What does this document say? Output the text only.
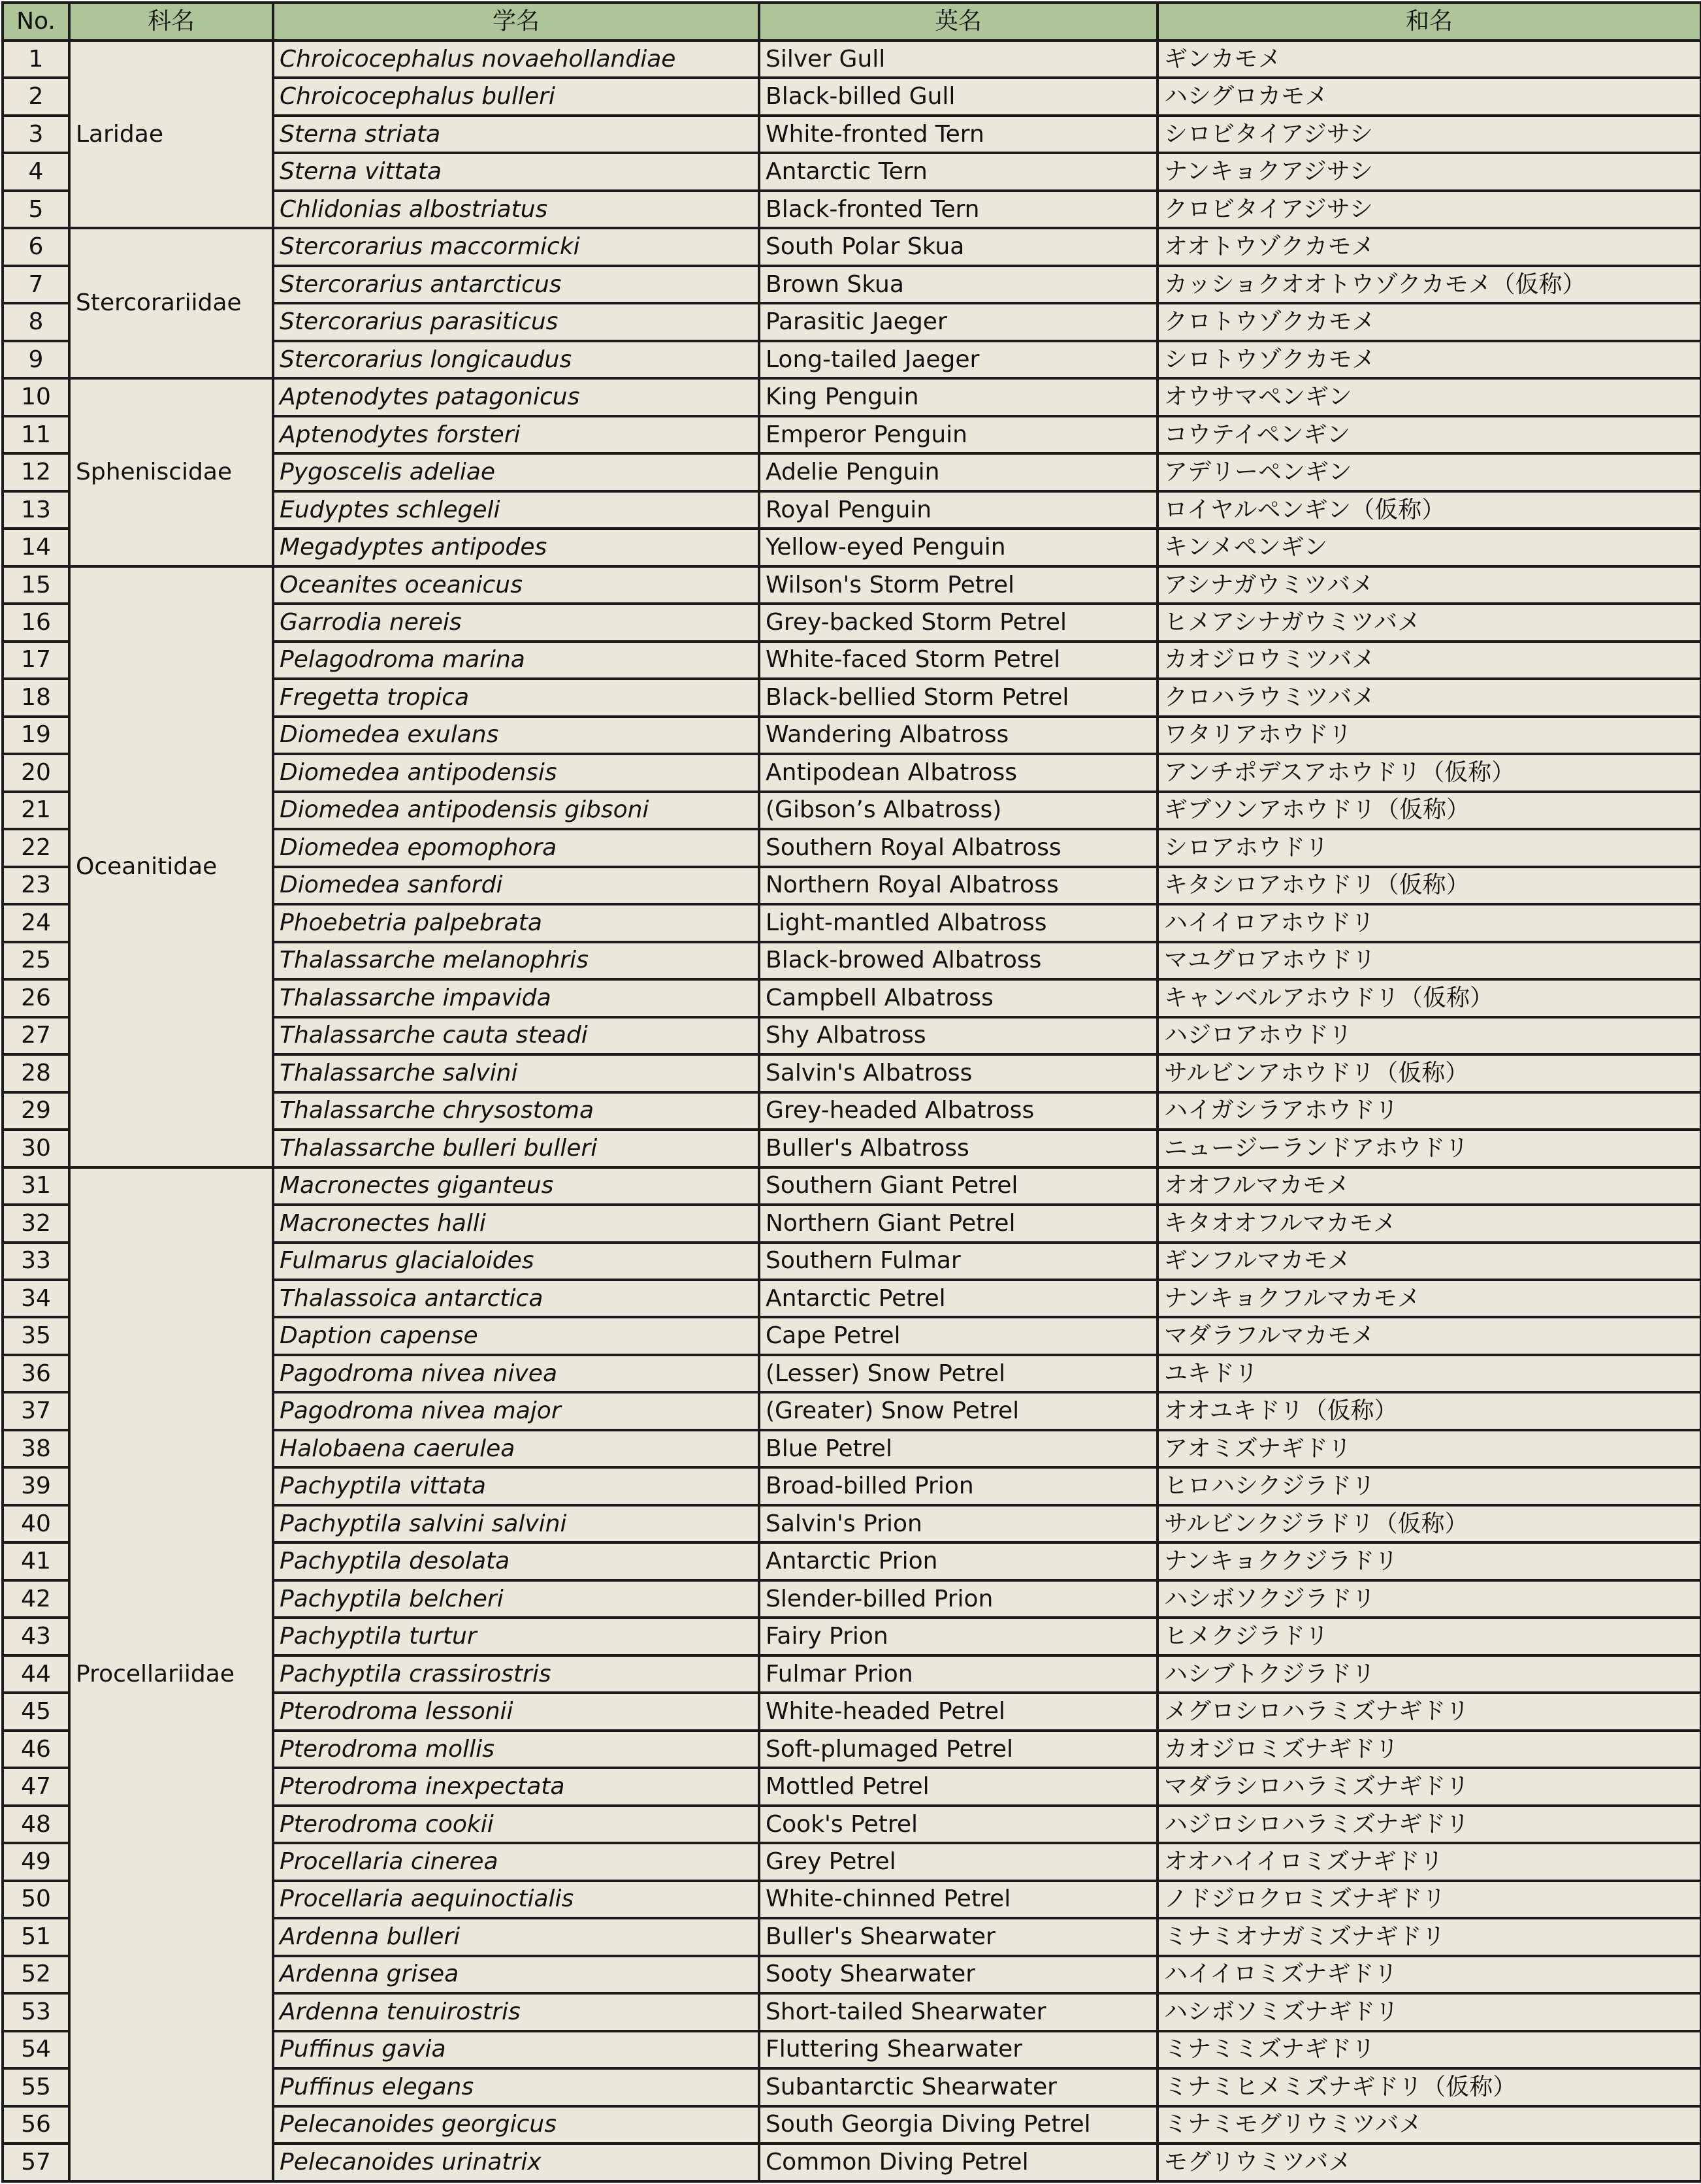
No.	科名	学名	英名	和名
1	Laridae	Chroicocephalus novaehollandiae	Silver Gull	ギンカモメ
2		Chroicocephalus bulleri	Black-billed Gull	ハシグロカモメ
3		Sterna striata	White-fronted Tern	シロビタイアジサシ
4		Sterna vittata	Antarctic Tern	ナンキョクアジサシ
5		Chlidonias albostriatus	Black-fronted Tern	クロビタイアジサシ
6	Stercorariidae	Stercorarius maccormicki	South Polar Skua	オオトウゾクカモメ
7		Stercorarius antarcticus	Brown Skua	カッショクオオトウゾクカモメ（仮称）
8		Stercorarius parasiticus	Parasitic Jaeger	クロトウゾクカモメ
9		Stercorarius longicaudus	Long-tailed Jaeger	シロトウゾクカモメ
10	Spheniscidae	Aptenodytes patagonicus	King Penguin	オウサマペンギン
11		Aptenodytes forsteri	Emperor Penguin	コウテイペンギン
12		Pygoscelis adeliae	Adelie Penguin	アデリーペンギン
13		Eudyptes schlegeli	Royal Penguin	ロイヤルペンギン（仮称）
14		Megadyptes antipodes	Yellow-eyed Penguin	キンメペンギン
15	Oceanitidae	Oceanites oceanicus	Wilson's Storm Petrel	アシナガウミツバメ
16		Garrodia nereis	Grey-backed Storm Petrel	ヒメアシナガウミツバメ
17		Pelagodroma marina	White-faced Storm Petrel	カオジロウミツバメ
18		Fregetta tropica	Black-bellied Storm Petrel	クロハラウミツバメ
19		Diomedea exulans	Wandering Albatross	ワタリアホウドリ
20		Diomedea antipodensis	Antipodean Albatross	アンチポデスアホウドリ（仮称）
21		Diomedea antipodensis gibsoni	(Gibson’s Albatross)	ギブソンアホウドリ（仮称）
22		Diomedea epomophora	Southern Royal Albatross	シロアホウドリ
23		Diomedea sanfordi	Northern Royal Albatross	キタシロアホウドリ（仮称）
24		Phoebetria palpebrata	Light-mantled Albatross	ハイイロアホウドリ
25		Thalassarche melanophris	Black-browed Albatross	マユグロアホウドリ
26		Thalassarche impavida	Campbell Albatross	キャンベルアホウドリ（仮称）
27		Thalassarche cauta steadi	Shy Albatross	ハジロアホウドリ
28		Thalassarche salvini	Salvin's Albatross	サルビンアホウドリ（仮称）
29		Thalassarche chrysostoma	Grey-headed Albatross	ハイガシラアホウドリ
30		Thalassarche bulleri bulleri	Buller's Albatross	ニュージーランドアホウドリ
31	Procellariidae	Macronectes giganteus	Southern Giant Petrel	オオフルマカモメ
32		Macronectes halli	Northern Giant Petrel	キタオオフルマカモメ
33		Fulmarus glacialoides	Southern Fulmar	ギンフルマカモメ
34		Thalassoica antarctica	Antarctic Petrel	ナンキョクフルマカモメ
35		Daption capense	Cape Petrel	マダラフルマカモメ
36		Pagodroma nivea nivea	(Lesser) Snow Petrel	ユキドリ
37		Pagodroma nivea major	(Greater) Snow Petrel	オオユキドリ（仮称）
38		Halobaena caerulea	Blue Petrel	アオミズナギドリ
39		Pachyptila vittata	Broad-billed Prion	ヒロハシクジラドリ
40		Pachyptila salvini salvini	Salvin's Prion	サルビンクジラドリ（仮称）
41		Pachyptila desolata	Antarctic Prion	ナンキョククジラドリ
42		Pachyptila belcheri	Slender-billed Prion	ハシボソクジラドリ
43		Pachyptila turtur	Fairy Prion	ヒメクジラドリ
44		Pachyptila crassirostris	Fulmar Prion	ハシブトクジラドリ
45		Pterodroma lessonii	White-headed Petrel	メグロシロハラミズナギドリ
46		Pterodroma mollis	Soft-plumaged Petrel	カオジロミズナギドリ
47		Pterodroma inexpectata	Mottled Petrel	マダラシロハラミズナギドリ
48		Pterodroma cookii	Cook's Petrel	ハジロシロハラミズナギドリ
49		Procellaria cinerea	Grey Petrel	オオハイイロミズナギドリ
50		Procellaria aequinoctialis	White-chinned Petrel	ノドジロクロミズナギドリ
51		Ardenna bulleri	Buller's Shearwater	ミナミオナガミズナギドリ
52		Ardenna grisea	Sooty Shearwater	ハイイロミズナギドリ
53		Ardenna tenuirostris	Short-tailed Shearwater	ハシボソミズナギドリ
54		Puffinus gavia	Fluttering Shearwater	ミナミミズナギドリ
55		Puffinus elegans	Subantarctic Shearwater	ミナミヒメミズナギドリ（仮称）
56		Pelecanoides georgicus	South Georgia Diving Petrel	ミナミモグリウミツバメ
57		Pelecanoides urinatrix	Common Diving Petrel	モグリウミツバメ
